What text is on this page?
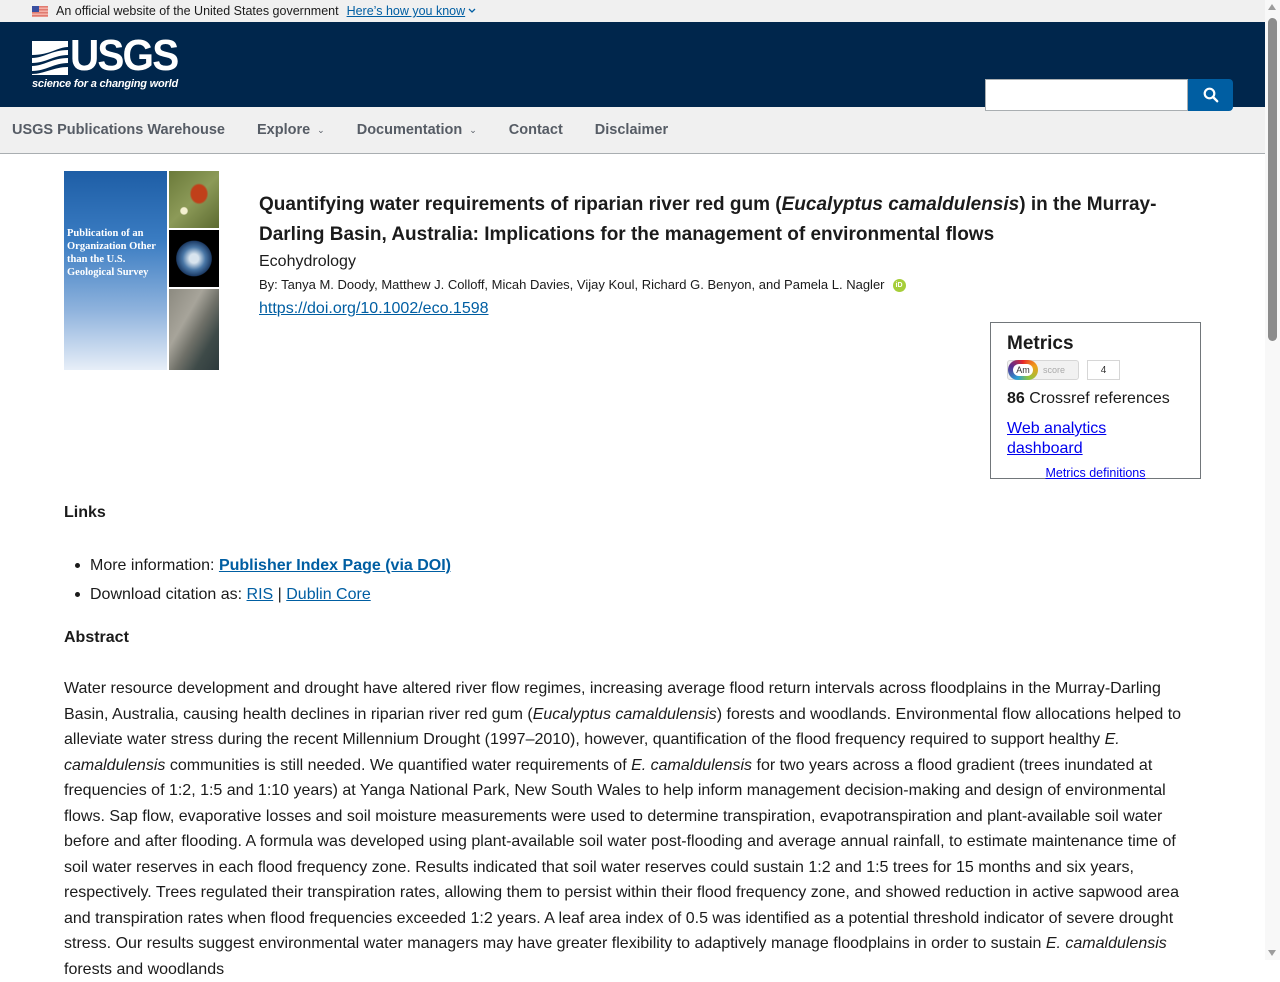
An official website of the United States government Here’s how you know
USGS
science for a changing world
USGS Publications Warehouse Explore ⌄ Documentation ⌄ Contact Disclaimer
Publication of an Organization Other than the U.S. Geological Survey
Quantifying water requirements of riparian river red gum (Eucalyptus camaldulensis) in the Murray-Darling Basin, Australia: Implications for the management of environmental flows
Ecohydrology
By: Tanya M. Doody, Matthew J. Colloff, Micah Davies, Vijay Koul, Richard G. Benyon, and Pamela L. Nagler	iD
https://doi.org/10.1002/eco.1598
Metrics
Am	score	4
86 Crossref references
Web analytics dashboard
Metrics definitions
Links
More information: Publisher Index Page (via DOI)
Download citation as: RIS | Dublin Core
Abstract

Water resource development and drought have altered river flow regimes, increasing average flood return intervals across floodplains in the Murray-Darling Basin, Australia, causing health declines in riparian river red gum (Eucalyptus camaldulensis) forests and woodlands. Environmental flow allocations helped to alleviate water stress during the recent Millennium Drought (1997–2010), however, quantification of the flood frequency required to support healthy E. camaldulensis communities is still needed. We quantified water requirements of E. camaldulensis for two years across a flood gradient (trees inundated at frequencies of 1:2, 1:5 and 1:10 years) at Yanga National Park, New South Wales to help inform management decision-making and design of environmental flows. Sap flow, evaporative losses and soil moisture measurements were used to determine transpiration, evapotranspiration and plant-available soil water before and after flooding. A formula was developed using plant-available soil water post-flooding and average annual rainfall, to estimate maintenance time of soil water reserves in each flood frequency zone. Results indicated that soil water reserves could sustain 1:2 and 1:5 trees for 15 months and six years, respectively. Trees regulated their transpiration rates, allowing them to persist within their flood frequency zone, and showed reduction in active sapwood area and transpiration rates when flood frequencies exceeded 1:2 years. A leaf area index of 0.5 was identified as a potential threshold indicator of severe drought stress. Our results suggest environmental water managers may have greater flexibility to adaptively manage floodplains in order to sustain E. camaldulensis forests and woodlands
